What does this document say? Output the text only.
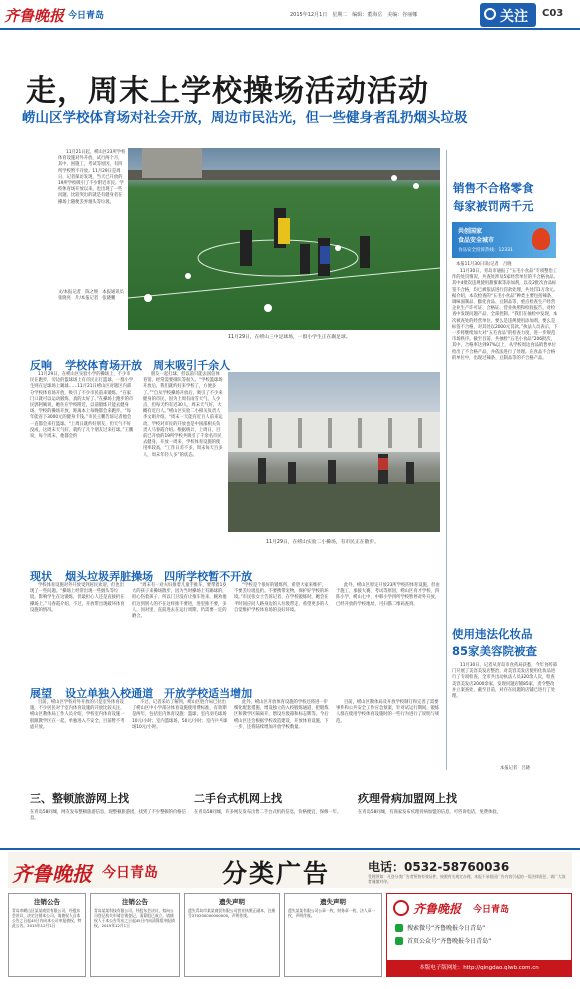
齐鲁晚报 今日青岛	2015年12月1日　星期二　编辑：董海岳　美编：谷丽娜	关注 C03
走，周末上学校操场活动活动
崂山区学校体育场对社会开放，周边市民沾光，但一些健身者乱扔烟头垃圾

11月21日起，崂山区23所学校体育设施对外开放，试行两个月，其中，困施工、考试等原因，有四所学校暂不开放。11月29日是周日，记者探访发现，当天已开放的19所学校吸引了不少附近市民。学校体育场开放以来，也出现了一些问题，比较突出的就是有健身者在操场上随便丢弃烟头等垃圾。

文/本报记者　陈之焕　本报通讯员　张晓亮　片/本报记者　张晓鹏
11月29日，在崂山三中足球场，一群小学生正在踢足球。
反响 学校体育场开放　周末吸引千余人

11月29日，在崂山区实验小学的操场上，不少市民在跑步，旁边的篮球场上有市民正打篮球，一群小学生则在足球场上踢球……11月21日崂山区对辖区内部分学校体育场开放，吸引了不少市民前来锻炼。“在家门口就可以运动锻炼，真的太好了。”在操场上跑步的市民郭阿姨说，她住在学校附近，以前锻炼只能去健身场，学校的操场开放，距离本上每晚都会来跑步。“每年能省下3000元的健身卡钱。”市民王鹏告诉记者他会一直都会来打篮球。“上周日就约好朋友，但天气不好没成，这周末天气好，就约了几个朋友过来打球。”王鹏说，每个周末，他都会约

朋友一起打球，但以前只能去国信体育馆，经常需要排队等很久。“学校篮球场开放后，我们就约好来学校了，方便多了。”“自从学校操场开放后，吸引了不少来健身的市民，因为上周有雨雪天气，人少点，但每天约有近30人，周末天气好，大概有近百人。”崂山区实验二小相关负责人李文娟介绍。“周末一天能有近百人前来运动，学校对市民的开放也是中国部相关负责人马春霞介绍。根据统计，上周日，目前已开放的19所学校共吸引了千余名市民去健身，开放一周来，学校体育设施的使用率较高，“工作日差不多，周末每天百多人，周末年轻人多”的状态。

11月29日，在崂山实验二小操场，有市民正在散步。
现状 烟头垃圾弄脏操场　四所学校暂不开放

学校体育设施对外开放受到居民欢迎，但也出现了一些问题。“操场上经常出现一些烟头等垃圾，影响学生在这锻炼，但最担心人还是直接扔在操场上。”马春霞介绍，不过，开放带出现破坏体育设施的情况。

“周末有一对夫妇推着儿童手推车，要带着1岁大的孩子来操场散步，因为当时操场上有踢球的，担心伤着孩子，所以门卫没有让推车进来，婉劝他们这到别人的不在这样推不要进，进里推不要，多人，同对里，直前进去在运行周期，仍需要一定的磨合。

“学校是个很好的锻炼所，希望大家来维护，不要丢垃圾乱扔。不要携带宠物，保护好学校的环境。”市民张女士告诉记者，在学校锻炼时，她会在平时间应问人路身边的人垃圾带走，希望更多的人自觉维护学校体育场的良好环境。

此外，崂山区原定开放23所学校的体育设施，但由于施工、承接大赛、考试等原因，崂山区育才学校、四阵小学、崂山七中、中韩小学四所学校暂停对外开放，已经开放的学校地址，可扫描二维码查询。

展望 设立单独入校通道　开放学校适当增加

目前，崂山区学校对外开放的只是室外体育设施，不少居民对于室内体育设施的开放比较关注，崂山区教体局工作人员介绍，学校室内体育设施一般跟教学区在一起，单独进入不安全，目前暂不考虑开放。

不过，记者采访了解到，崂山区胜介局已拉出了崂山区中小学部分体育设施使用费标准，有效期是两年，包括室内体育设施：篮球，室内羽毛球场10元/小时；室内篮球场，50元/小时；室内乒乓球场10元/小时。

此外，崂山区开放体育设施的学校还将进一步细化配套措施，增设独立的入校锻炼通道，把锻炼区和教学区隔离开，增设垃圾箱和标志牌等。今后崂山区还会根据学校改造建设，开放体育设施，下一步，还将陆续增加开放学校数量。

目前，崂山区教体局及开放学校制订和完善了需要事件和公共安全工作应急预案，针对试运行期间，锻炼人群在使用学校体育设施时的一些行为进行了说明与规范。

销售不合格零食
每家被罚两千元
共创国家
食品安全城市
食品安全投诉热线：12331
本报11月30日讯(记者　吕晓

11月30日，青岛市通报了“五毛小食品”专项整治工作的处罚情况，共查处涉及5家经营单位的不合格食品，其中4批次违规使用甜蜜素等添加剂，以及2批次食品标签不合格，均已被依法进行罚款处理，共处罚1万余元。据介绍，本次检查的“五毛小食品”种类主要包括辣条、调味面制品、膨化食品、豆制品等，重点检查生产经营企业生产许可证、合格证、营业执照和检验报告。对检查中发现问题产品，全部控制。“我们在抽检中发现，本次被查处的经营单位，要么是违规使用添加剂，要么是标签不合格，对其处以2000元罚款。”执法人员表示，下一步将继续加大对“五毛食品”的检查力度，进一步规范市场秩序。截至目前，共抽检“五毛小食品”206批次，其中，合格率达到97%以上，从学校周边食品销售单位检出了不合格产品，并依法进行了处理。在食品不合格的单位中，出现过辣条、豆制品等的不合格产品。

使用违法化妆品
85家美容院被查

11月30日，记者从青岛市食药局获悉，今年食药部门开展了美容美发店整治，对美容美发店使用化妆品进行了专项检查，全市共出动执法人员320余人次，检查美容美发店2000余家，发现问题店铺85家，责令整改并立案查处，截至目前，对存在问题的店铺已进行了处理。

本报记者　吕晓
三、整顿旅游网上找
在青岛58同城，网友发布整顿旅游信息，现整顿旅游团，找到了不少整顿的价格信息。
二手台式机网上找
在青岛58同城，许多网友发布出售二手台式机的信息，价格便宜，保修一年。
疚理骨病加盟网上找
在青岛58同城，有商家发布疚理骨病加盟的信息，可咨询电话，免费体验。
齐鲁晚报 今日青岛	分类广告	电话：0532-58760036
受理须知：凡登分类广告者须持有效证件，按照有关规定办理，本报不承担因广告内容引起的一切法律责任，请广大读者谨慎对待。
注销公告
青岛市崂山区某某商贸有限公司，经股东会决议，决定注销本公司，请债权人自本公告之日起45日内向本公司申报债权。特此公告。2015年12月1日
注销公告
青岛某某科技有限公司，经股东会决议，拟向公司登记机关申请注销登记，清算组已成立，请债权人于本公告发布之日起45日内向清算组申报债权。2015年12月1日
遗失声明
遗失青岛市某某商贸有限公司营业执照正副本，注册号370200000000000，声明作废。
遗失声明
遗失某某有限公司公章一枚，财务章一枚，法人章一枚，声明作废。	齐鲁晚报 今日青岛
搜索微号“齐鲁晚报今日青岛”
首页公众号“齐鲁晚报今日青岛”
本版电子版网址：http://qingdao.qlwb.com.cn
